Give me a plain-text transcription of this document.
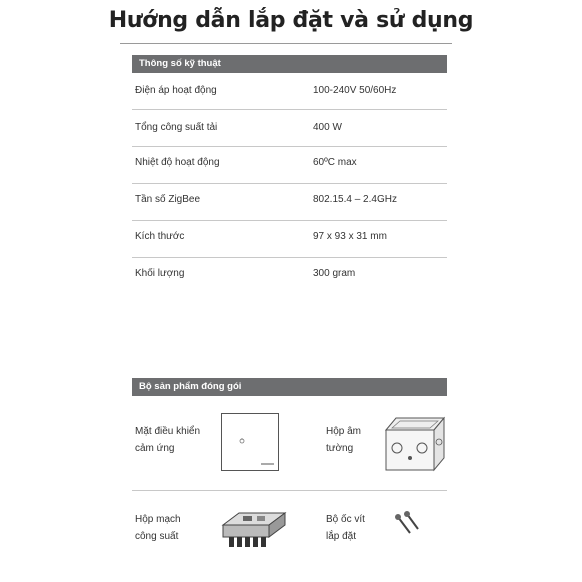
Hướng dẫn lắp đặt và sử dụng
Thông số kỹ thuật
Điện áp hoạt động	100-240V 50/60Hz
Tổng công suất tải	400 W
Nhiệt độ hoạt động	60ºC max
Tần số ZigBee	802.15.4 – 2.4GHz
Kích thước	97 x 93 x 31 mm
Khối lượng	300 gram
Bộ sản phẩm đóng gói
Mặt điều khiển
cảm ứng
Hộp âm
tường
Hộp mạch
công suất
Bộ ốc vít
lắp đặt
